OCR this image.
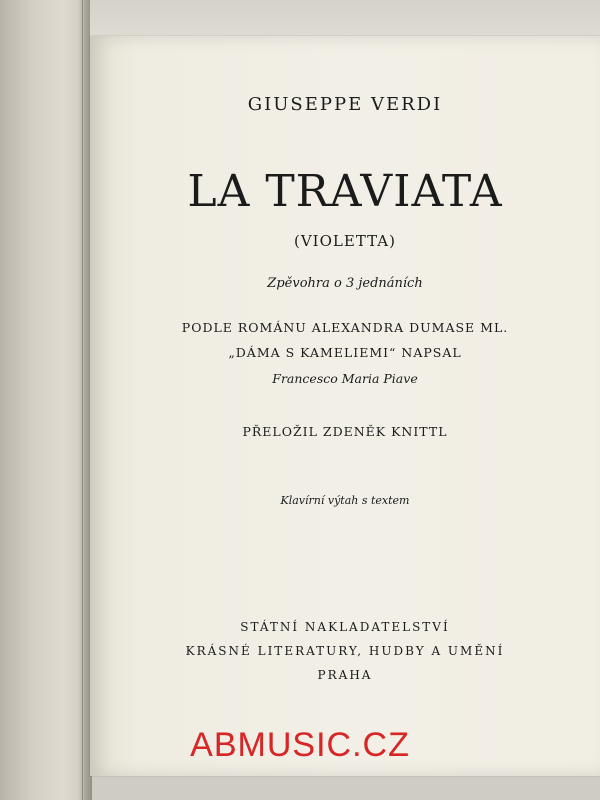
GIUSEPPE VERDI
LA TRAVIATA
(VIOLETTA)
Zpěvohra o 3 jednáních
PODLE ROMÁNU ALEXANDRA DUMASE ML.
„DÁMA S KAMELIEMI“ NAPSAL
Francesco Maria Piave
PŘELOŽIL ZDENĚK KNITTL
Klavírní výtah s textem
STÁTNÍ NAKLADATELSTVÍ
KRÁSNÉ LITERATURY, HUDBY A UMĚNÍ
PRAHA
ABMUSIC.CZ
